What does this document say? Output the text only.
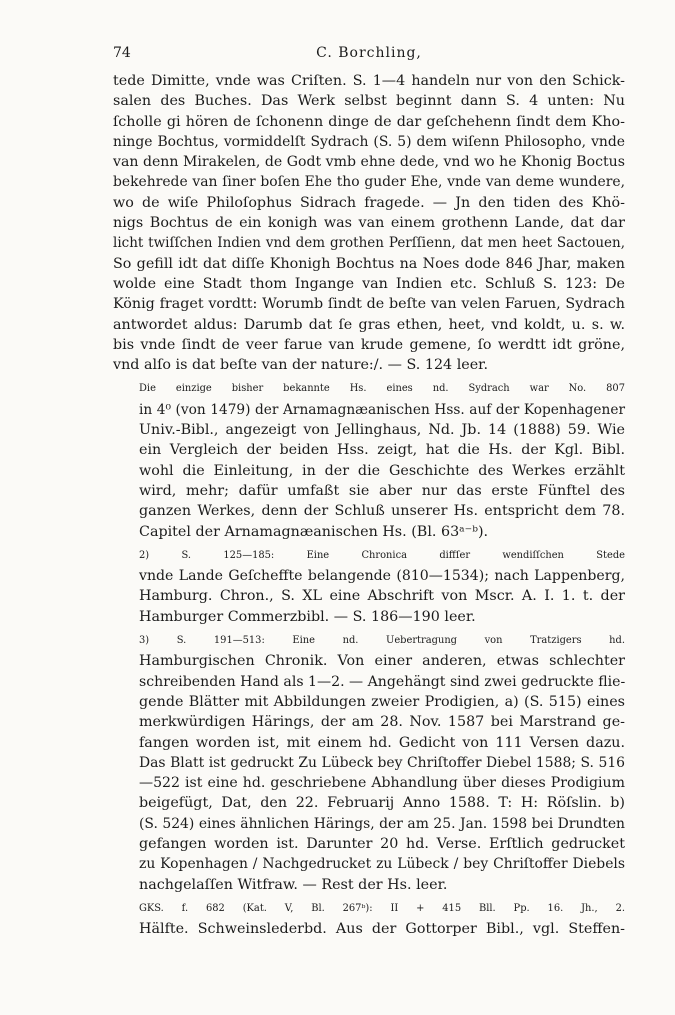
74	C. Borchling,
tede Dimitte, vnde was Criſten. S. 1—4 handeln nur von den Schick-
salen des Buches. Das Werk selbst beginnt dann S. 4 unten: Nu
ſcholle gi hören de ſchonenn dinge de dar geſchehenn ſindt dem Kho-
ninge Bochtus, vormiddelſt Sydrach (S. 5) dem wiſenn Philosopho, vnde
van denn Mirakelen, de Godt vmb ehne dede, vnd wo he Khonig Boctus
bekehrede van ſiner boſen Ehe tho guder Ehe, vnde van deme wundere,
wo de wiſe Philoſophus Sidrach fragede. — Jn den tiden des Khö-
nigs Bochtus de ein konigh was van einem grothenn Lande, dat dar
licht twiſſchen Indien vnd dem grothen Perſſienn, dat men heet Sactouen,
So gefill idt dat diſſe Khonigh Bochtus na Noes dode 846 Jhar, maken
wolde eine Stadt thom Ingange van Indien etc. Schluß S. 123: De
König fraget vordtt: Worumb ſindt de beſte van velen Faruen, Sydrach
antwordet aldus: Darumb dat ſe gras ethen, heet, vnd koldt, u. s. w.
bis vnde ſindt de veer farue van krude gemene, ſo werdtt idt gröne,
vnd alſo is dat beſte van der nature:/. — S. 124 leer.
Die einzige bisher bekannte Hs. eines nd. Sydrach war No. 807
in 4⁰ (von 1479) der Arnamagnæanischen Hss. auf der Kopenhagener
Univ.-Bibl., angezeigt von Jellinghaus, Nd. Jb. 14 (1888) 59. Wie
ein Vergleich der beiden Hss. zeigt, hat die Hs. der Kgl. Bibl.
wohl die Einleitung, in der die Geschichte des Werkes erzählt
wird, mehr; dafür umfaßt sie aber nur das erste Fünftel des
ganzen Werkes, denn der Schluß unserer Hs. entspricht dem 78.
Capitel der Arnamagnæanischen Hs. (Bl. 63ᵃ⁻ᵇ).
2) S. 125—185: Eine Chronica diffſer wendiſſchen Stede
vnde Lande Geſcheffte belangende (810—1534); nach Lappenberg,
Hamburg. Chron., S. XL eine Abschrift von Mscr. A. I. 1. t. der
Hamburger Commerzbibl. — S. 186—190 leer.
3) S. 191—513: Eine nd. Uebertragung von Tratzigers hd.
Hamburgischen Chronik. Von einer anderen, etwas schlechter
schreibenden Hand als 1—2. — Angehängt sind zwei gedruckte flie-
gende Blätter mit Abbildungen zweier Prodigien, a) (S. 515) eines
merkwürdigen Härings, der am 28. Nov. 1587 bei Marstrand ge-
fangen worden ist, mit einem hd. Gedicht von 111 Versen dazu.
Das Blatt ist gedruckt Zu Lübeck bey Chriſtoffer Diebel 1588; S. 516
—522 ist eine hd. geschriebene Abhandlung über dieses Prodigium
beigefügt, Dat, den 22. Februarij Anno 1588. T: H: Röſslin. b)
(S. 524) eines ähnlichen Härings, der am 25. Jan. 1598 bei Drundten
gefangen worden ist. Darunter 20 hd. Verse. Erſtlich gedrucket
zu Kopenhagen / Nachgedrucket zu Lübeck / bey Chriſtoffer Diebels
nachgelaſſen Witfraw. — Rest der Hs. leer.
GKS. f. 682 (Kat. V, Bl. 267ᵇ): II + 415 Bll. Pp. 16. Jh., 2.
Hälfte. Schweinslederbd. Aus der Gottorper Bibl., vgl. Steffen-
